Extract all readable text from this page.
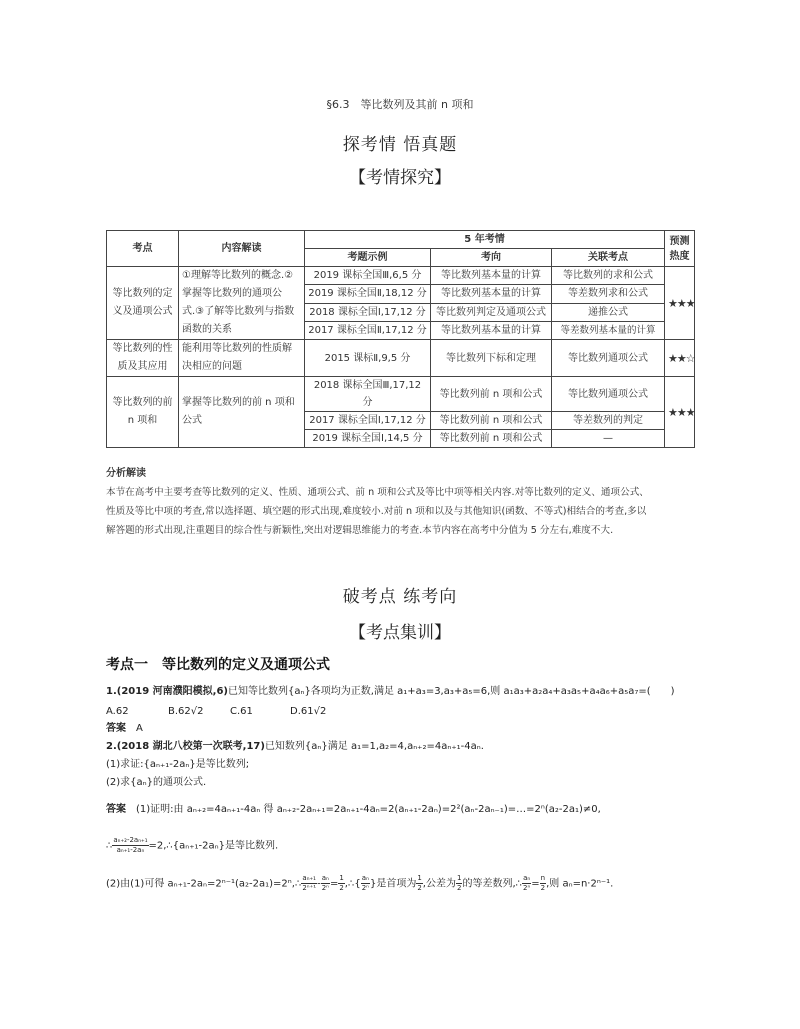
§6.3　等比数列及其前 n 项和
探考情 悟真题
【考情探究】
考点	内容解读	5 年考情			预测热度
		考题示例	考向	关联考点	
等比数列的定义及通项公式	①理解等比数列的概念.②掌握等比数列的通项公式.③了解等比数列与指数函数的关系	2019 课标全国Ⅲ,6,5 分	等比数列基本量的计算	等比数列的求和公式	★★★
		2019 课标全国Ⅱ,18,12 分	等比数列基本量的计算	等差数列求和公式	
		2018 课标全国Ⅰ,17,12 分	等比数列判定及通项公式	递推公式	
		2017 课标全国Ⅱ,17,12 分	等比数列基本量的计算	等差数列基本量的计算	
等比数列的性质及其应用	能利用等比数列的性质解决相应的问题	2015 课标Ⅱ,9,5 分	等比数列下标和定理	等比数列通项公式	★★☆
等比数列的前 n 项和	掌握等比数列的前 n 项和公式	2018 课标全国Ⅲ,17,12 分	等比数列前 n 项和公式	等比数列通项公式	★★★
		2017 课标全国Ⅰ,17,12 分	等比数列前 n 项和公式	等差数列的判定	
		2019 课标全国Ⅰ,14,5 分	等比数列前 n 项和公式	—	
分析解读
本节在高考中主要考查等比数列的定义、性质、通项公式、前 n 项和公式及等比中项等相关内容.对等比数列的定义、通项公式、
性质及等比中项的考查,常以选择题、填空题的形式出现,难度较小.对前 n 项和以及与其他知识(函数、不等式)相结合的考查,多以
解答题的形式出现,注重题目的综合性与新颖性,突出对逻辑思维能力的考查.本节内容在高考中分值为 5 分左右,难度不大.
破考点 练考向
【考点集训】
考点一　等比数列的定义及通项公式
1.(2019 河南濮阳模拟,6)已知等比数列{aₙ}各项均为正数,满足 a₁+a₃=3,a₃+a₅=6,则 a₁a₃+a₂a₄+a₃a₅+a₄a₆+a₅a₇=(　　)
A.62	B.62√2	C.61	D.61√2
答案　 A
2.(2018 湖北八校第一次联考,17)已知数列{aₙ}满足 a₁=1,a₂=4,aₙ₊₂=4aₙ₊₁-4aₙ.
(1)求证:{aₙ₊₁-2aₙ}是等比数列;
(2)求{aₙ}的通项公式.
答案　 (1)证明:由 aₙ₊₂=4aₙ₊₁-4aₙ 得 aₙ₊₂-2aₙ₊₁=2aₙ₊₁-4aₙ=2(aₙ₊₁-2aₙ)=2²(aₙ-2aₙ₋₁)=…=2ⁿ(a₂-2a₁)≠0,
∴ $\frac{\text{aₙ₊₂-2aₙ₊₁}}{\text{aₙ₊₁-2aₙ}}$ =2,∴{aₙ₊₁-2aₙ}是等比数列.
(2)由(1)可得 aₙ₊₁-2aₙ=2ⁿ⁻¹(a₂-2a₁)=2ⁿ,∴ $\frac{\text{aₙ₊₁}}{\text{2ⁿ⁺¹}} - \frac{\text{aₙ}}{\text{2ⁿ}} = \frac{1}{2}$ ,∴{ $\frac{\text{aₙ}}{\text{2ⁿ}}$ }是首项为 $\frac{1}{2}$ ,公差为 $\frac{1}{2}$ 的等差数列,∴ $\frac{\text{aₙ}}{\text{2ⁿ}} = \frac{n}{2}$ ,则 aₙ=n·2ⁿ⁻¹.
